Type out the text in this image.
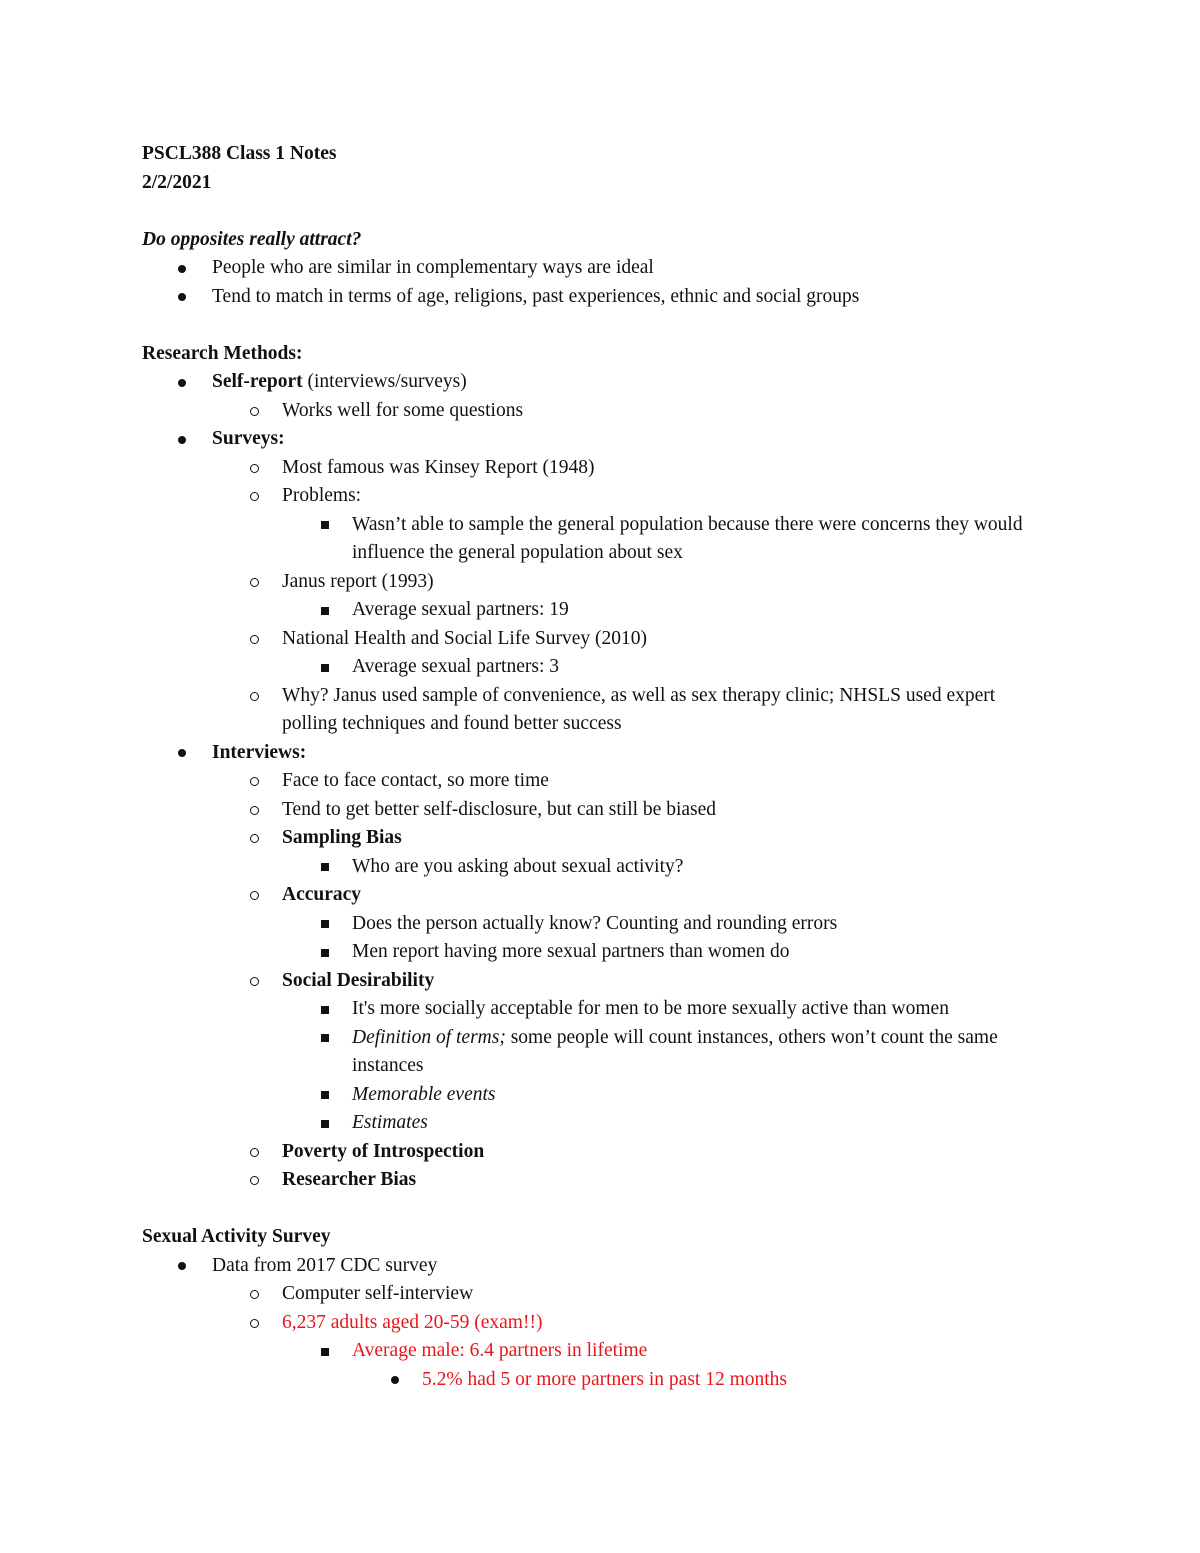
PSCL388 Class 1 Notes
2/2/2021
Do opposites really attract?
People who are similar in complementary ways are ideal
Tend to match in terms of age, religions, past experiences, ethnic and social groups
Research Methods:
Self-report (interviews/surveys)
Works well for some questions
Surveys:
Most famous was Kinsey Report (1948)
Problems:
Wasn’t able to sample the general population because there were concerns they would influence the general population about sex
Janus report (1993)
Average sexual partners: 19
National Health and Social Life Survey (2010)
Average sexual partners: 3
Why? Janus used sample of convenience, as well as sex therapy clinic; NHSLS used expert polling techniques and found better success
Interviews:
Face to face contact, so more time
Tend to get better self-disclosure, but can still be biased
Sampling Bias
Who are you asking about sexual activity?
Accuracy
Does the person actually know? Counting and rounding errors
Men report having more sexual partners than women do
Social Desirability
It's more socially acceptable for men to be more sexually active than women
Definition of terms; some people will count instances, others won’t count the same instances
Memorable events
Estimates
Poverty of Introspection
Researcher Bias
Sexual Activity Survey
Data from 2017 CDC survey
Computer self-interview
6,237 adults aged 20-59 (exam!!)
Average male: 6.4 partners in lifetime
5.2% had 5 or more partners in past 12 months
